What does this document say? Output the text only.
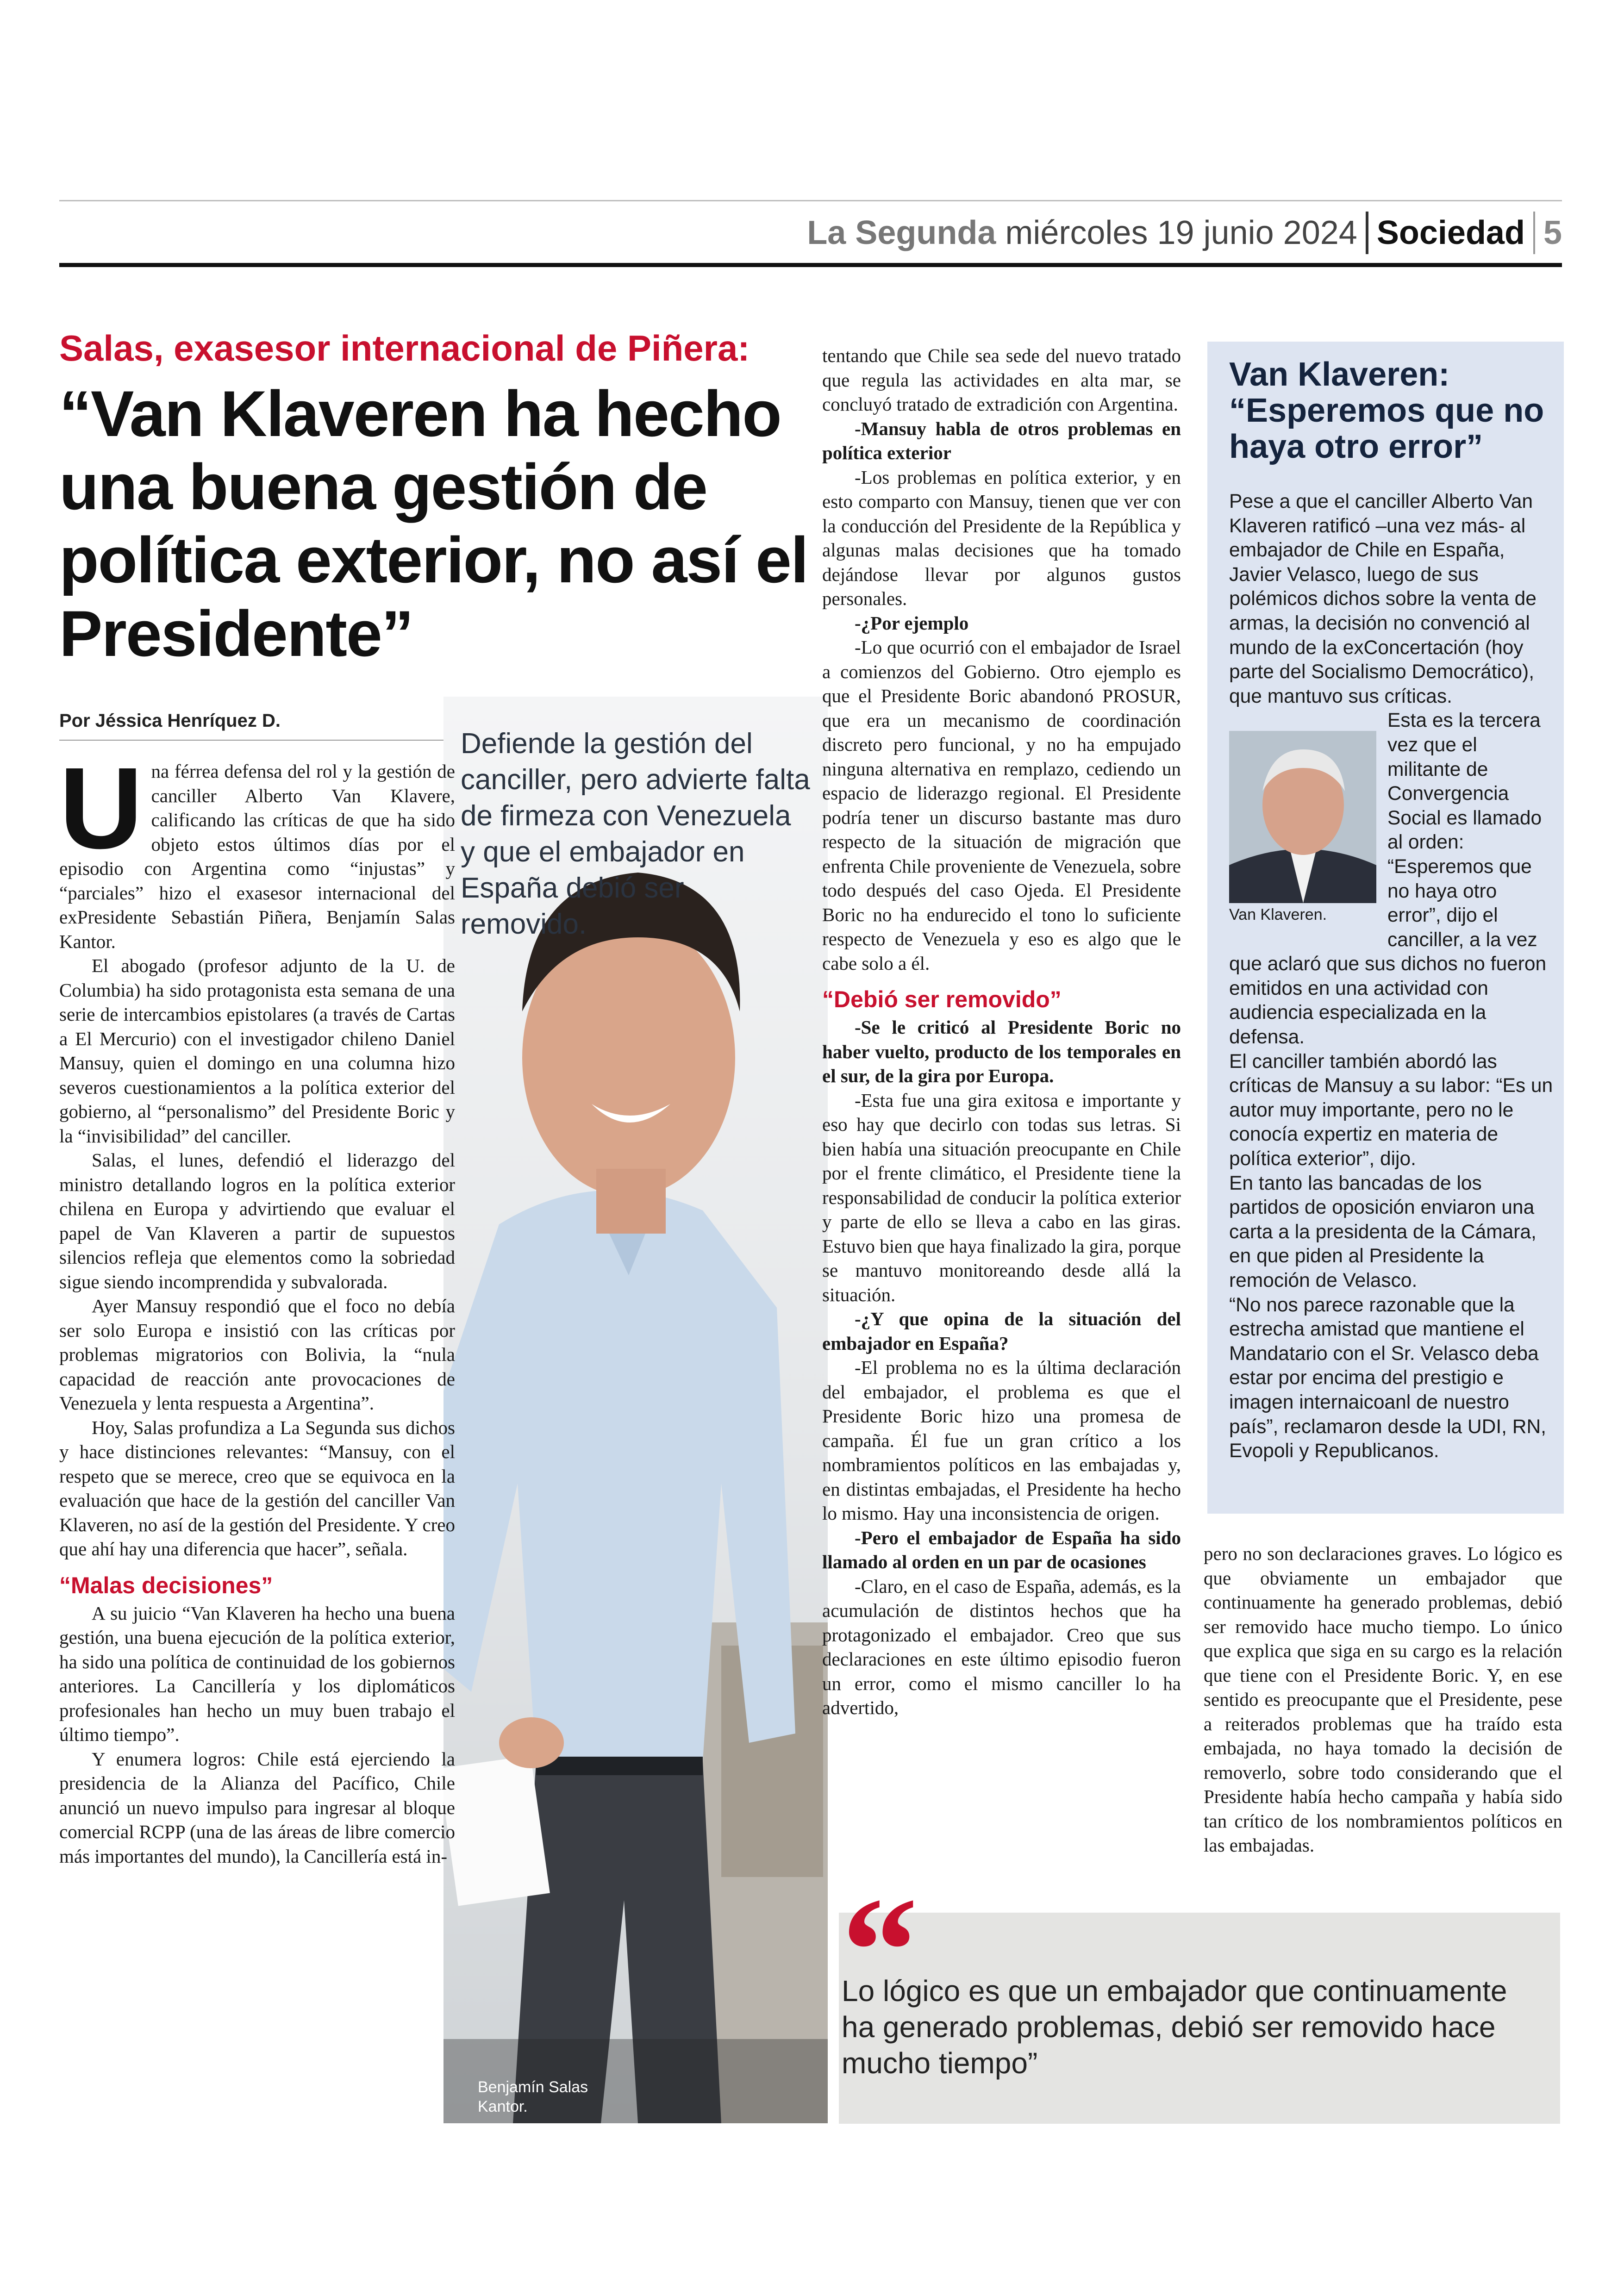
La Segunda miércoles 19 junio 2024 Sociedad 5
Salas, exasesor internacional de Piñera:
“Van Klaveren ha hecho una buena gestión de política exterior, no así el Presidente”
Por Jéssica Henríquez D.
Defiende la gestión del canciller, pero advierte falta de firmeza con Venezuela y que el embajador en España debió ser removido.
Benjamín Salas Kantor.
U na férrea defensa del rol y la gestión de canciller Alberto Van Klavere, calificando las críticas de que ha sido objeto estos últimos días por el episodio con Argentina como “injustas” y “parciales” hizo el exasesor internacional del exPresidente Sebastián Piñera, Benjamín Salas Kantor.

El abogado (profesor adjunto de la U. de Columbia) ha sido protagonista esta semana de una serie de intercambios epistolares (a través de Cartas a El Mercurio) con el investigador chileno Daniel Mansuy, quien el domingo en una columna hizo severos cuestionamientos a la política exterior del gobierno, al “personalismo” del Presidente Boric y la “invisibilidad” del canciller.

Salas, el lunes, defendió el liderazgo del ministro detallando logros en la política exterior chilena en Europa y advirtiendo que evaluar el papel de Van Klaveren a partir de supuestos silencios refleja que elementos como la sobriedad sigue siendo incomprendida y subvalorada.

Ayer Mansuy respondió que el foco no debía ser solo Europa e insistió con las críticas por problemas migratorios con Bolivia, la “nula capacidad de reacción ante provocaciones de Venezuela y lenta respuesta a Argentina”.

Hoy, Salas profundiza a La Segunda sus dichos y hace distinciones relevantes: “Mansuy, con el respeto que se merece, creo que se equivoca en la evaluación que hace de la gestión del canciller Van Klaveren, no así de la gestión del Presidente. Y creo que ahí hay una diferencia que hacer”, señala.

“Malas decisiones”

A su juicio “Van Klaveren ha hecho una buena gestión, una buena ejecución de la política exterior, ha sido una política de continuidad de los gobiernos anteriores. La Cancillería y los diplomáticos profesionales han hecho un muy buen trabajo el último tiempo”.

Y enumera logros: Chile está ejerciendo la presidencia de la Alianza del Pacífico, Chile anunció un nuevo impulso para ingresar al bloque comercial RCPP (una de las áreas de libre comercio más importantes del mundo), la Cancillería está in-

tentando que Chile sea sede del nuevo tratado que regula las actividades en alta mar, se concluyó tratado de extradición con Argentina.

-Mansuy habla de otros problemas en política exterior

-Los problemas en política exterior, y en esto comparto con Mansuy, tienen que ver con la conducción del Presidente de la República y algunas malas decisiones que ha tomado dejándose llevar por algunos gustos personales.

-¿Por ejemplo

-Lo que ocurrió con el embajador de Israel a comienzos del Gobierno. Otro ejemplo es que el Presidente Boric abandonó PROSUR, que era un mecanismo de coordinación discreto pero funcional, y no ha empujado ninguna alternativa en remplazo, cediendo un espacio de liderazgo regional. El Presidente podría tener un discurso bastante mas duro respecto de la situación de migración que enfrenta Chile proveniente de Venezuela, sobre todo después del caso Ojeda. El Presidente Boric no ha endurecido el tono lo suficiente respecto de Venezuela y eso es algo que le cabe solo a él.

“Debió ser removido”

-Se le criticó al Presidente Boric no haber vuelto, producto de los temporales en el sur, de la gira por Europa.

-Esta fue una gira exitosa e importante y eso hay que decirlo con todas sus letras. Si bien había una situación preocupante en Chile por el frente climático, el Presidente tiene la responsabilidad de conducir la política exterior y parte de ello se lleva a cabo en las giras. Estuvo bien que haya finalizado la gira, porque se mantuvo monitoreando desde allá la situación.

-¿Y que opina de la situación del embajador en España?

-El problema no es la última declaración del embajador, el problema es que el Presidente Boric hizo una promesa de campaña. Él fue un gran crítico a los nombramientos políticos en las embajadas y, en distintas embajadas, el Presidente ha hecho lo mismo. Hay una inconsistencia de origen.

-Pero el embajador de España ha sido llamado al orden en un par de ocasiones

-Claro, en el caso de España, además, es la acumulación de distintos hechos que ha protagonizado el embajador. Creo que sus declaraciones en este último episodio fueron un error, como el mismo canciller lo ha advertido,

Van Klaveren: “Esperemos que no haya otro error”

Pese a que el canciller Alberto Van Klaveren ratificó –una vez más- al embajador de Chile en España, Javier Velasco, luego de sus polémicos dichos sobre la venta de armas, la decisión no convenció al mundo de la exConcertación (hoy parte del Socialismo Democrático), que mantuvo sus críticas.

Van Klaveren.

Esta es la tercera vez que el militante de Convergencia Social es llamado al orden: “Esperemos que no haya otro error”, dijo el canciller, a la vez que aclaró que sus dichos no fueron emitidos en una actividad con audiencia especializada en la defensa.

El canciller también abordó las críticas de Mansuy a su labor: “Es un autor muy importante, pero no le conocía expertiz en materia de política exterior”, dijo.

En tanto las bancadas de los partidos de oposición enviaron una carta a la presidenta de la Cámara, en que piden al Presidente la remoción de Velasco.

“No nos parece razonable que la estrecha amistad que mantiene el Mandatario con el Sr. Velasco deba estar por encima del prestigio e imagen internaicoanl de nuestro país”, reclamaron desde la UDI, RN, Evopoli y Republicanos.

pero no son declaraciones graves. Lo lógico es que obviamente un embajador que continuamente ha generado problemas, debió ser removido hace mucho tiempo. Lo único que explica que siga en su cargo es la relación que tiene con el Presidente Boric. Y, en ese sentido es preocupante que el Presidente, pese a reiterados problemas que ha traído esta embajada, no haya tomado la decisión de removerlo, sobre todo considerando que el Presidente había hecho campaña y había sido tan crítico de los nombramientos políticos en las embajadas.

“
Lo lógico es que un embajador que continuamente ha generado problemas, debió ser removido hace mucho tiempo”
